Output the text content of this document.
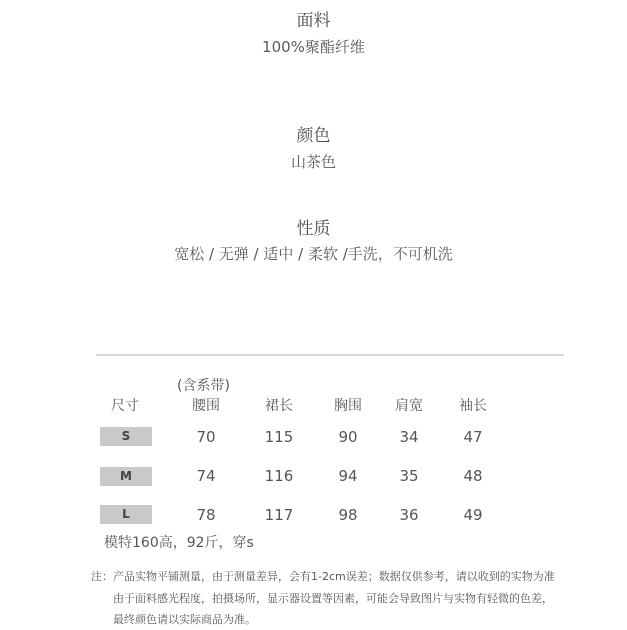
面料
100%聚酯纤维
颜色
山茶色
性质
宽松 / 无弹 / 适中 / 柔软 /手洗，不可机洗
(含系带)
尺寸	腰围	裙长	胸围	肩宽	袖长
S	70	115	90	34	47
M	74	116	94	35	48
L	78	117	98	36	49
模特160高，92斤，穿s
注：产品实物平铺测量，由于测量差异，会有1-2cm误差；数据仅供参考，请以收到的实物为准
由于面料感光程度，拍摄场所，显示器设置等因素，可能会导致图片与实物有轻微的色差，
最终颜色请以实际商品为准。
